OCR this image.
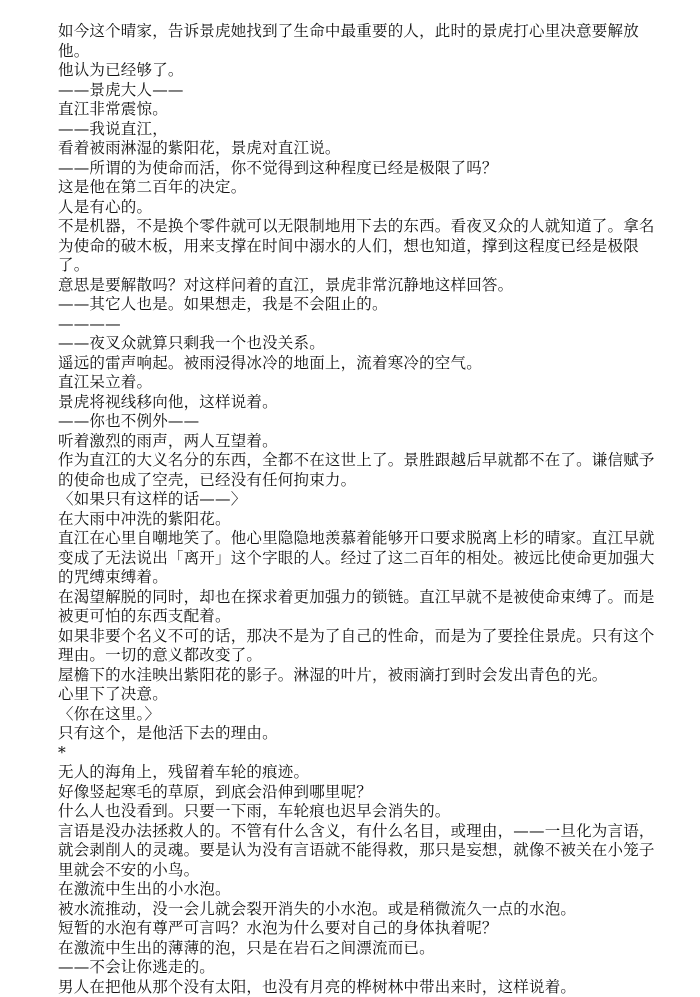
如今这个晴家，告诉景虎她找到了生命中最重要的人，此时的景虎打心里决意要解放他。

他认为已经够了。

——景虎大人——

直江非常震惊。

——我说直江，

看着被雨淋湿的紫阳花，景虎对直江说。

——所谓的为使命而活，你不觉得到这种程度已经是极限了吗？

这是他在第二百年的决定。

人是有心的。

不是机器，不是换个零件就可以无限制地用下去的东西。看夜叉众的人就知道了。拿名为使命的破木板，用来支撑在时间中溺水的人们，想也知道，撑到这程度已经是极限了。

意思是要解散吗？对这样问着的直江，景虎非常沉静地这样回答。

——其它人也是。如果想走，我是不会阻止的。

————

——夜叉众就算只剩我一个也没关系。

遥远的雷声响起。被雨浸得冰冷的地面上，流着寒冷的空气。

直江呆立着。

景虎将视线移向他，这样说着。

——你也不例外——

听着激烈的雨声，两人互望着。

作为直江的大义名分的东西，全都不在这世上了。景胜跟越后早就都不在了。谦信赋予的使命也成了空壳，已经没有任何拘束力。

〈如果只有这样的话——〉

在大雨中冲洗的紫阳花。

直江在心里自嘲地笑了。他心里隐隐地羡慕着能够开口要求脱离上杉的晴家。直江早就变成了无法说出「离开」这个字眼的人。经过了这二百年的相处。被远比使命更加强大的咒缚束缚着。

在渴望解脱的同时，却也在探求着更加强力的锁链。直江早就不是被使命束缚了。而是被更可怕的东西支配着。

如果非要个名义不可的话，那决不是为了自己的性命，而是为了要拴住景虎。只有这个理由。一切的意义都改变了。

屋檐下的水洼映出紫阳花的影子。淋湿的叶片，被雨滴打到时会发出青色的光。

心里下了决意。

〈你在这里。〉

只有这个，是他活下去的理由。

*

无人的海角上，残留着车轮的痕迹。

好像竖起寒毛的草原，到底会沿伸到哪里呢？

什么人也没看到。只要一下雨，车轮痕也迟早会消失的。

言语是没办法拯救人的。不管有什么含义，有什么名目，或理由，——一旦化为言语，就会剥削人的灵魂。要是认为没有言语就不能得救，那只是妄想，就像不被关在小笼子里就会不安的小鸟。

在激流中生出的小水泡。

被水流推动，没一会儿就会裂开消失的小水泡。或是稍微流久一点的水泡。

短暂的水泡有尊严可言吗？水泡为什么要对自己的身体执着呢？

在激流中生出的薄薄的泡，只是在岩石之间漂流而已。

——不会让你逃走的。

男人在把他从那个没有太阳，也没有月亮的桦树林中带出来时，这样说着。
